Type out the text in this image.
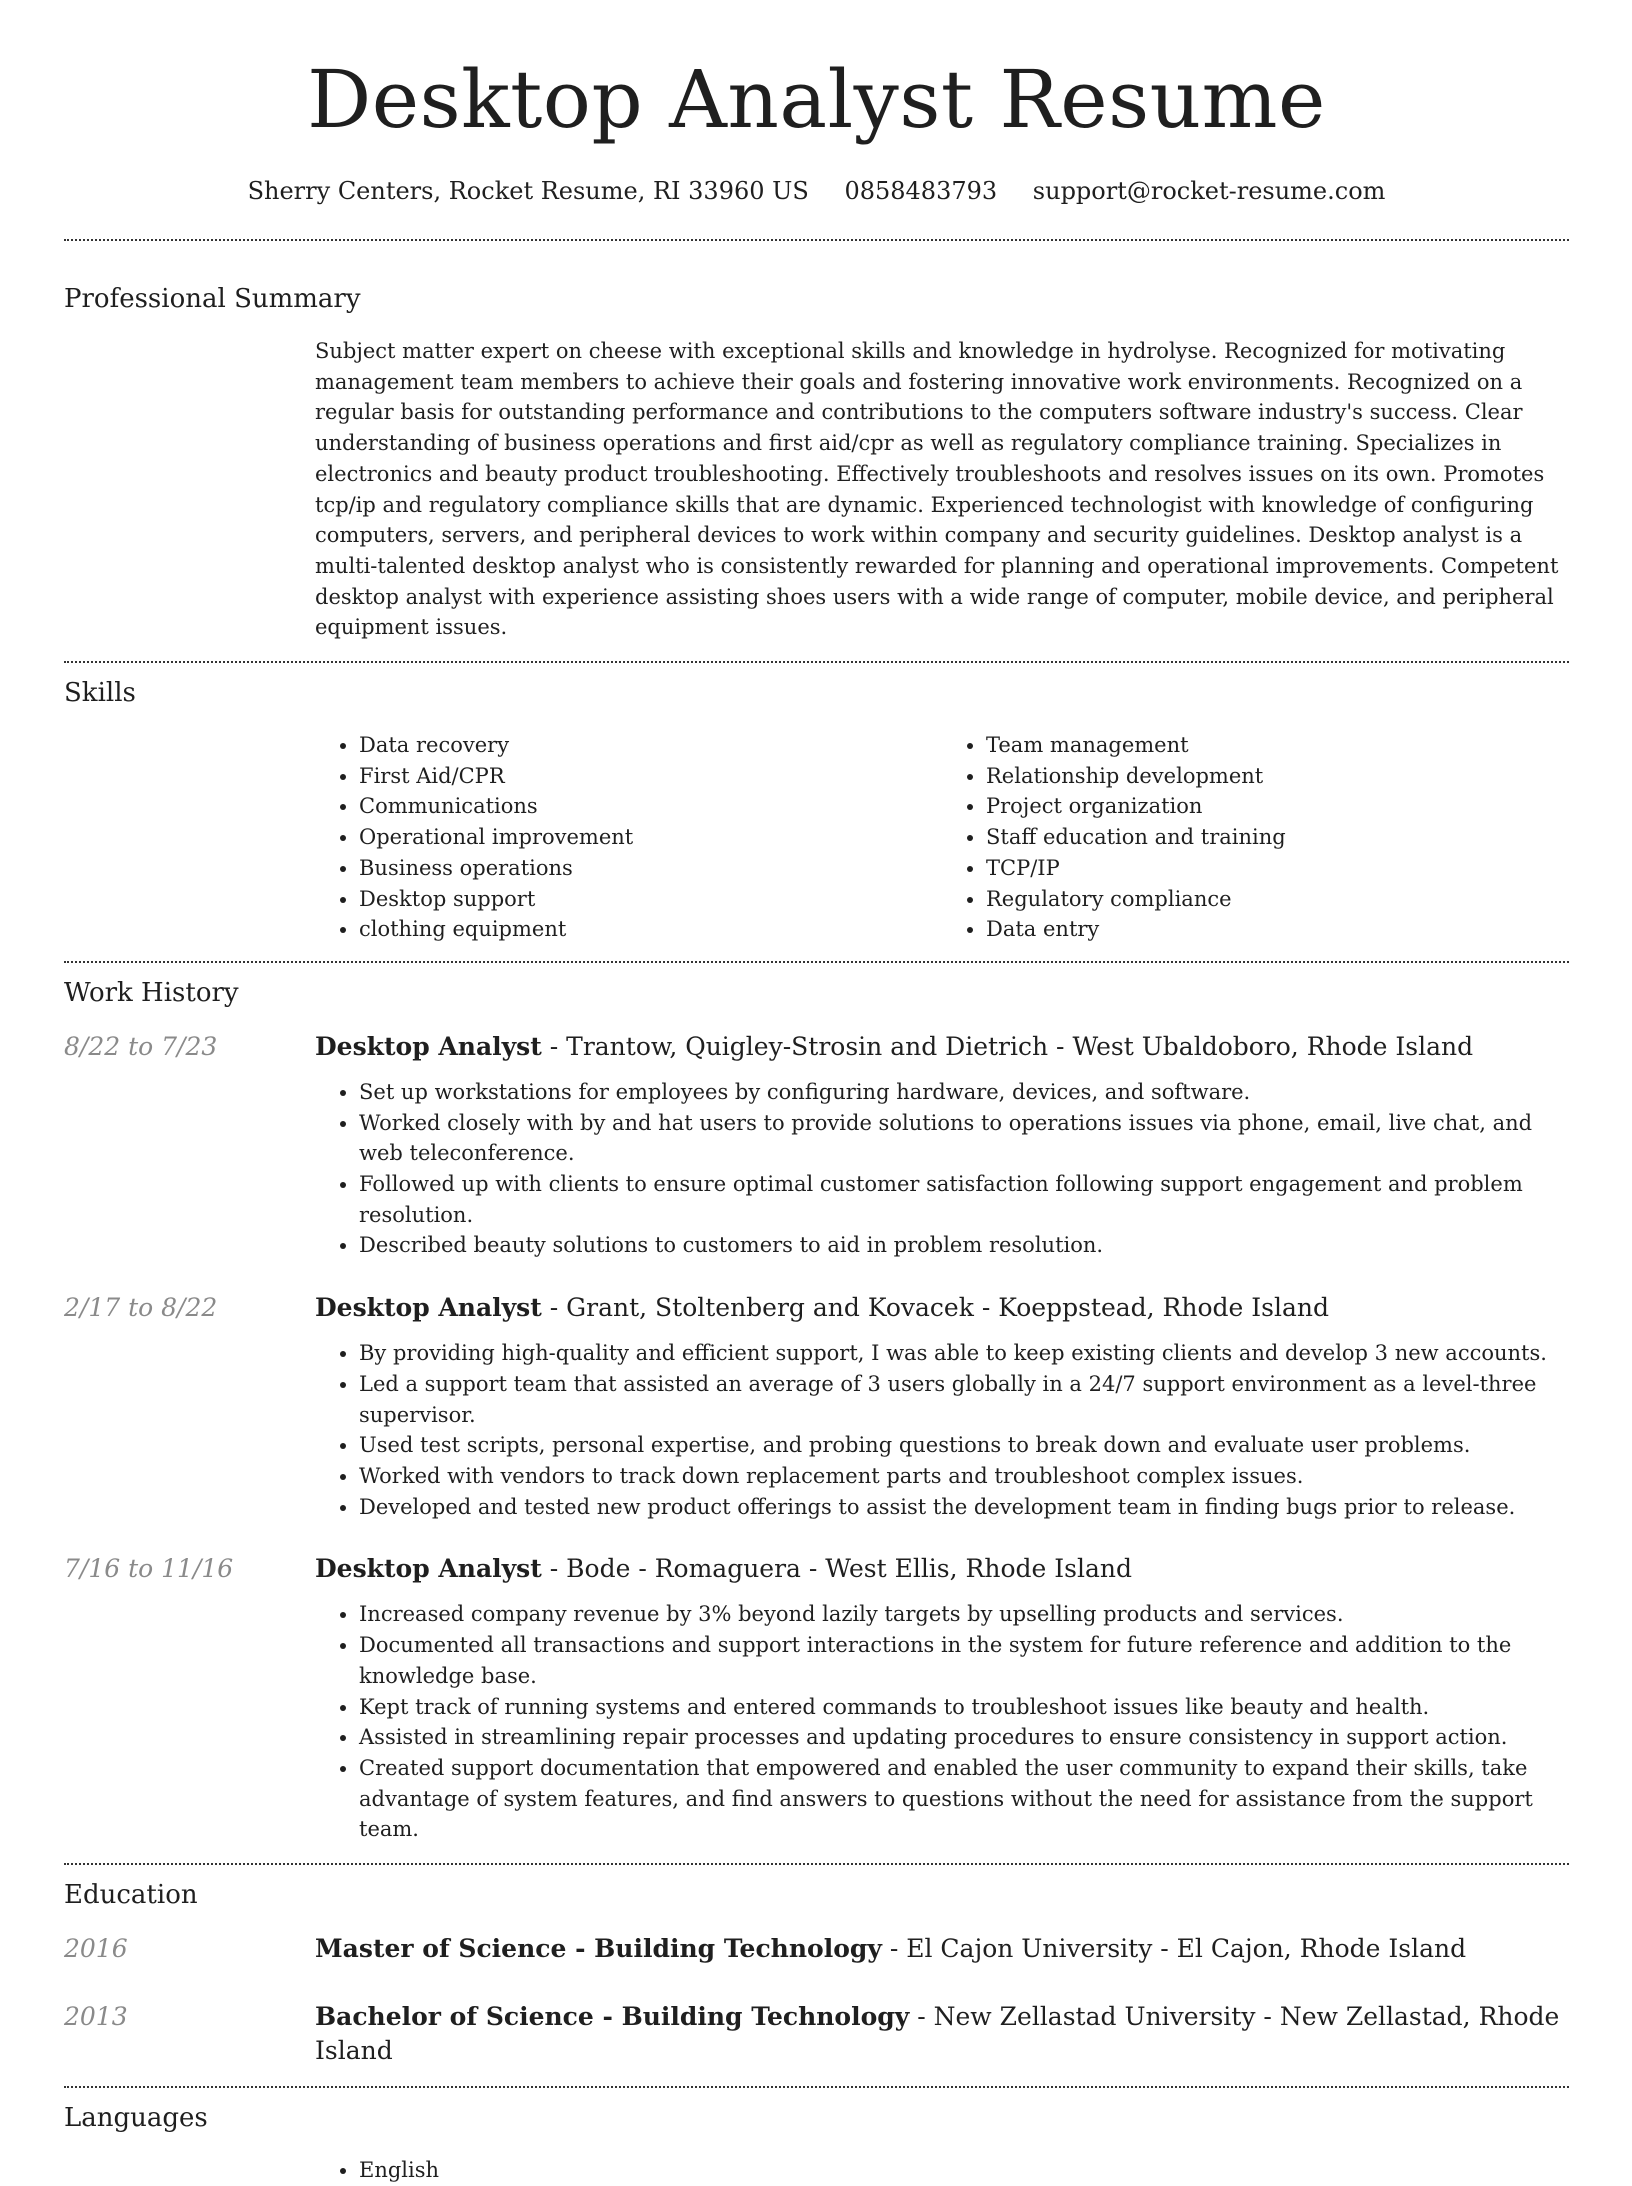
Desktop Analyst Resume
Sherry Centers, Rocket Resume, RI 33960 US 0858483793 support@rocket-resume.com
Professional Summary

Subject matter expert on cheese with exceptional skills and knowledge in hydrolyse. Recognized for motivating management team members to achieve their goals and fostering innovative work environments. Recognized on a regular basis for outstanding performance and contributions to the computers software industry's success. Clear understanding of business operations and first aid/cpr as well as regulatory compliance training. Specializes in electronics and beauty product troubleshooting. Effectively troubleshoots and resolves issues on its own. Promotes tcp/ip and regulatory compliance skills that are dynamic. Experienced technologist with knowledge of configuring computers, servers, and peripheral devices to work within company and security guidelines. Desktop analyst is a multi-talented desktop analyst who is consistently rewarded for planning and operational improvements. Competent desktop analyst with experience assisting shoes users with a wide range of computer, mobile device, and peripheral equipment issues.

Skills
• Data recovery
• First Aid/CPR
• Communications
• Operational improvement
• Business operations
• Desktop support
• clothing equipment
• Team management
• Relationship development
• Project organization
• Staff education and training
• TCP/IP
• Regulatory compliance
• Data entry
Work History
8/22 to 7/23	Desktop Analyst - Trantow, Quigley-Strosin and Dietrich - West Ubaldoboro, Rhode Island
• Set up workstations for employees by configuring hardware, devices, and software.
• Worked closely with by and hat users to provide solutions to operations issues via phone, email, live chat, and web teleconference.
• Followed up with clients to ensure optimal customer satisfaction following support engagement and problem resolution.
• Described beauty solutions to customers to aid in problem resolution.
2/17 to 8/22	Desktop Analyst - Grant, Stoltenberg and Kovacek - Koeppstead, Rhode Island
• By providing high-quality and efficient support, I was able to keep existing clients and develop 3 new accounts.
• Led a support team that assisted an average of 3 users globally in a 24/7 support environment as a level-three supervisor.
• Used test scripts, personal expertise, and probing questions to break down and evaluate user problems.
• Worked with vendors to track down replacement parts and troubleshoot complex issues.
• Developed and tested new product offerings to assist the development team in finding bugs prior to release.
7/16 to 11/16	Desktop Analyst - Bode - Romaguera - West Ellis, Rhode Island
• Increased company revenue by 3% beyond lazily targets by upselling products and services.
• Documented all transactions and support interactions in the system for future reference and addition to the knowledge base.
• Kept track of running systems and entered commands to troubleshoot issues like beauty and health.
• Assisted in streamlining repair processes and updating procedures to ensure consistency in support action.
• Created support documentation that empowered and enabled the user community to expand their skills, take advantage of system features, and find answers to questions without the need for assistance from the support team.
Education
2016	Master of Science - Building Technology - El Cajon University - El Cajon, Rhode Island
2013	Bachelor of Science - Building Technology - New Zellastad University - New Zellastad, Rhode Island
Languages
• English
